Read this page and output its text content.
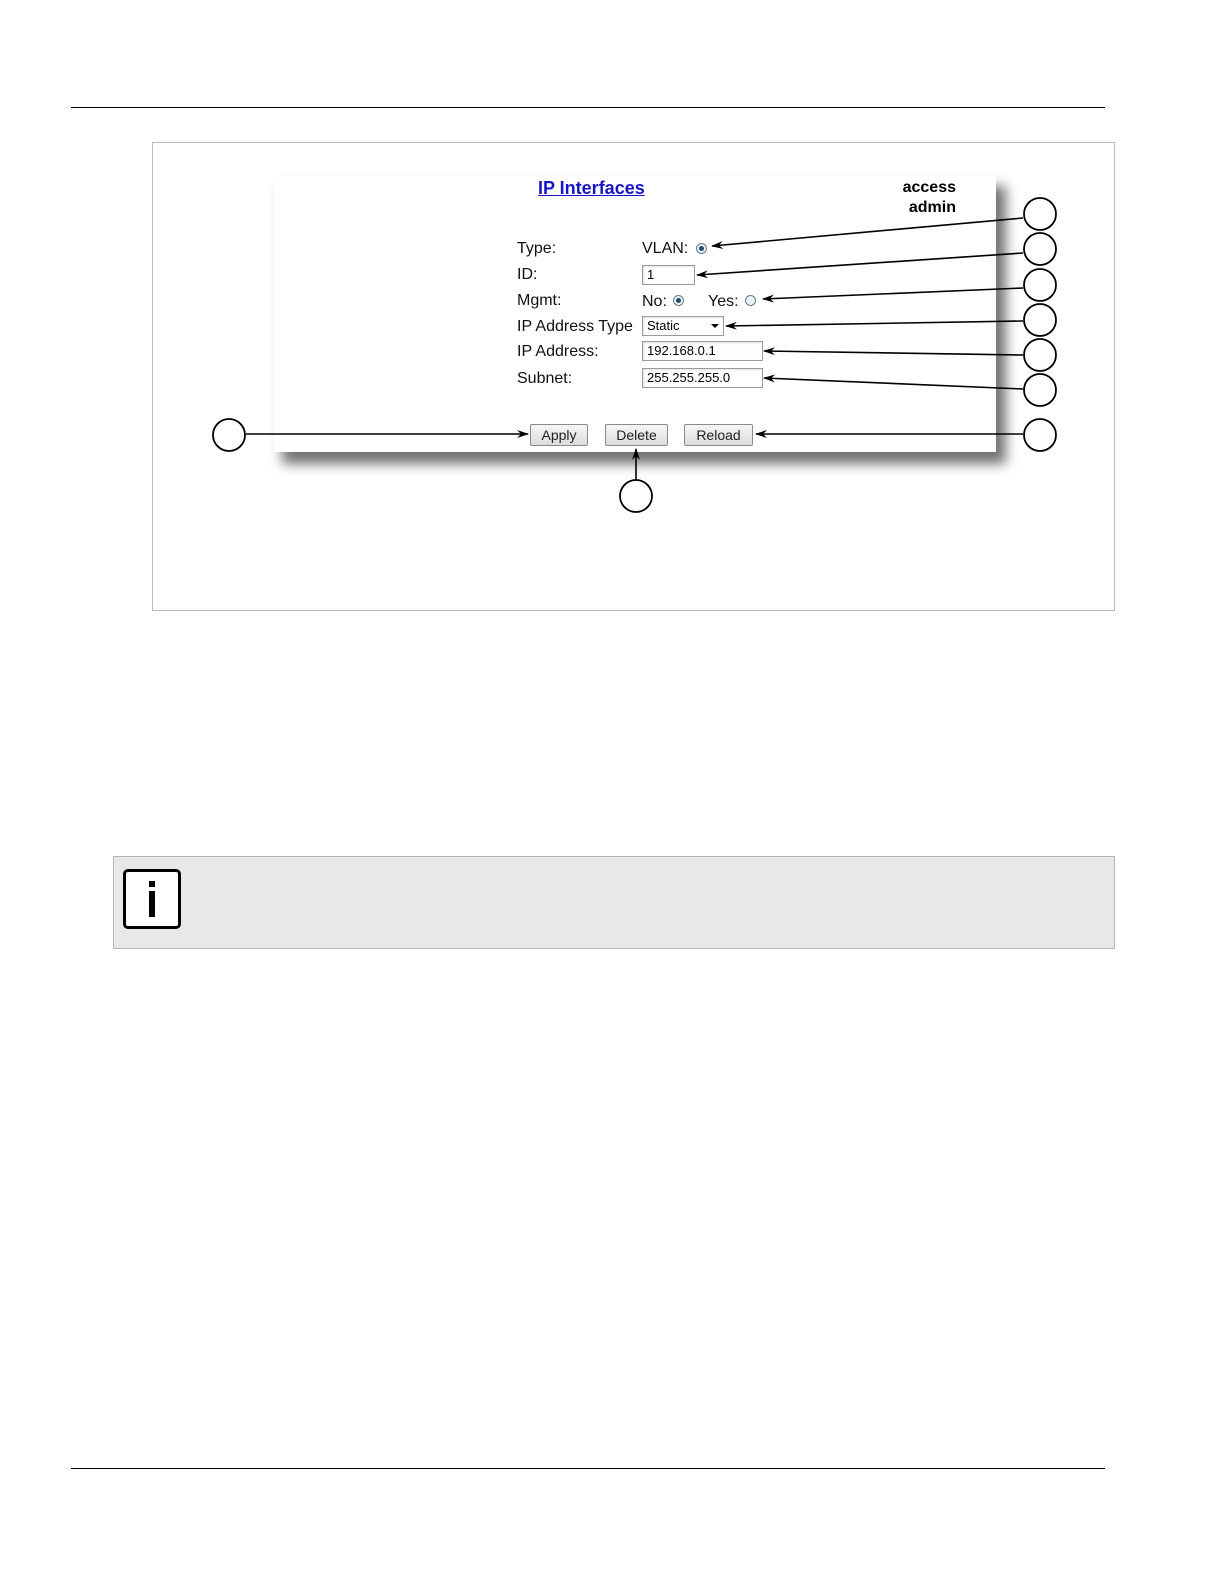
IP Interfaces	access
admin
Type:	VLAN:
ID:	1
Mgmt:	No:	Yes:
IP Address Type	Static
IP Address:	192.168.0.1
Subnet:	255.255.255.0
Apply	Delete	Reload
